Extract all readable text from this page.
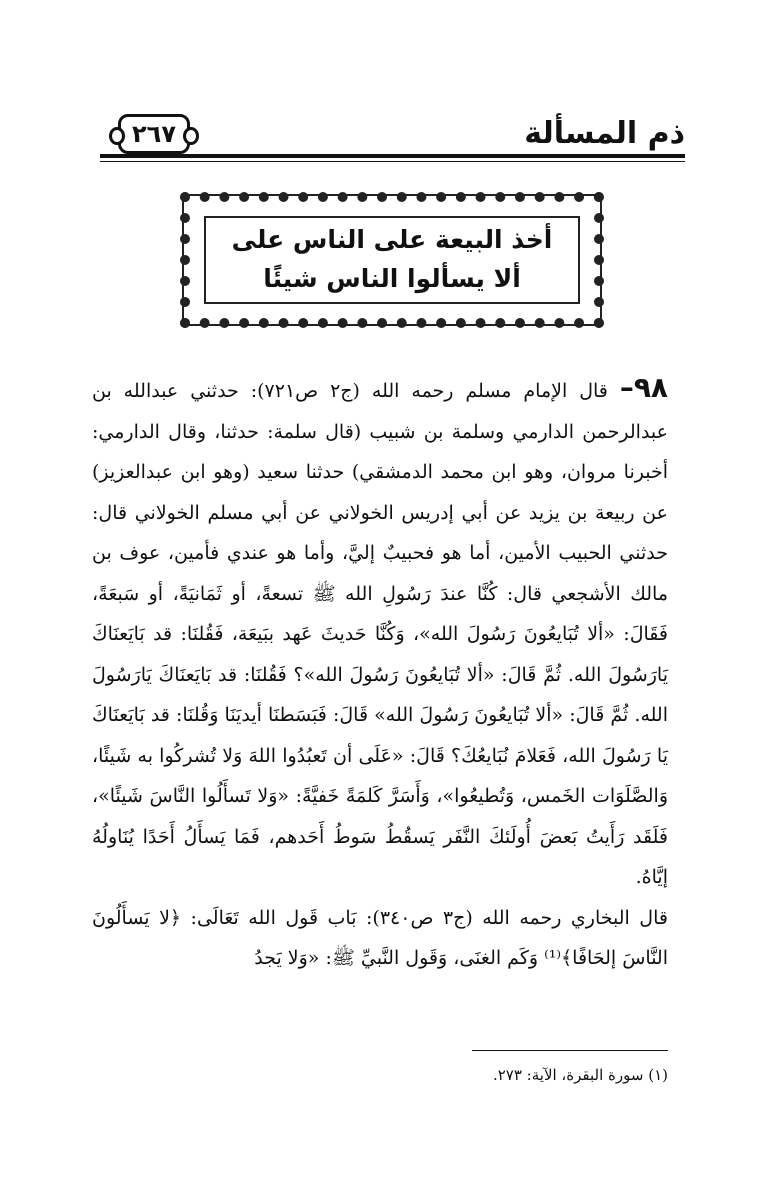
ذم المسألة
٢٦٧
أخذ البيعة على الناس على
ألا يسألوا الناس شيئًا

٩٨– قال الإمام مسلم رحمه الله (ج٢ ص٧٢١): حدثني عبدالله بن عبدالرحمن الدارمي وسلمة بن شبيب (قال سلمة: حدثنا، وقال الدارمي: أخبرنا مروان، وهو ابن محمد الدمشقي) حدثنا سعيد (وهو ابن عبدالعزيز) عن ربيعة بن يزيد عن أبي إدريس الخولاني عن أبي مسلم الخولاني قال: حدثني الحبيب الأمين، أما هو فحبيبٌ إليَّ، وأما هو عندي فأمين، عوف بن مالك الأشجعي قال: كُنَّا عندَ رَسُولِ الله ﷺ تسعةً، أو ثَمَانيَةً، أو سَبعَةً، فَقَالَ: «ألا تُبَايعُونَ رَسُولَ الله»، وَكُنَّا حَديثَ عَهد ببَيعَة، فَقُلنَا: قد بَايَعنَاكَ يَارَسُولَ الله. ثُمَّ قَالَ: «ألا تُبَايعُونَ رَسُولَ الله»؟ فَقُلنَا: قد بَايَعنَاكَ يَارَسُولَ الله. ثُمَّ قَالَ: «ألا تُبَايعُونَ رَسُولَ الله» قَالَ: فَبَسَطنَا أيديَنَا وَقُلنَا: قد بَايَعنَاكَ يَا رَسُولَ الله، فَعَلامَ نُبَايعُكَ؟ قَالَ: «عَلَى أن تَعبُدُوا اللهَ وَلا تُشركُوا به شَيئًا، وَالصَّلَوَات الخَمس، وَتُطيعُوا»، وَأَسَرَّ كَلمَةً خَفيَّةً: «وَلا تَسأَلُوا النَّاسَ شَيئًا»، فَلَقَد رَأَيتُ بَعضَ أُولَئكَ النَّفَر يَسقُطُ سَوطُ أَحَدهم، فَمَا يَسأَلُ أَحَدًا يُنَاولُهُ إيَّاهُ.

قال البخاري رحمه الله (ج٣ ص٣٤٠): بَاب قَول الله تَعَالَى: ﴿لا يَسأَلُونَ النَّاسَ إلحَافًا﴾⁽¹⁾ وَكَم الغنَى، وَقَول النَّبيِّ ﷺ: «وَلا يَجدُ

(١) سورة البقرة، الآية: ٢٧٣.
